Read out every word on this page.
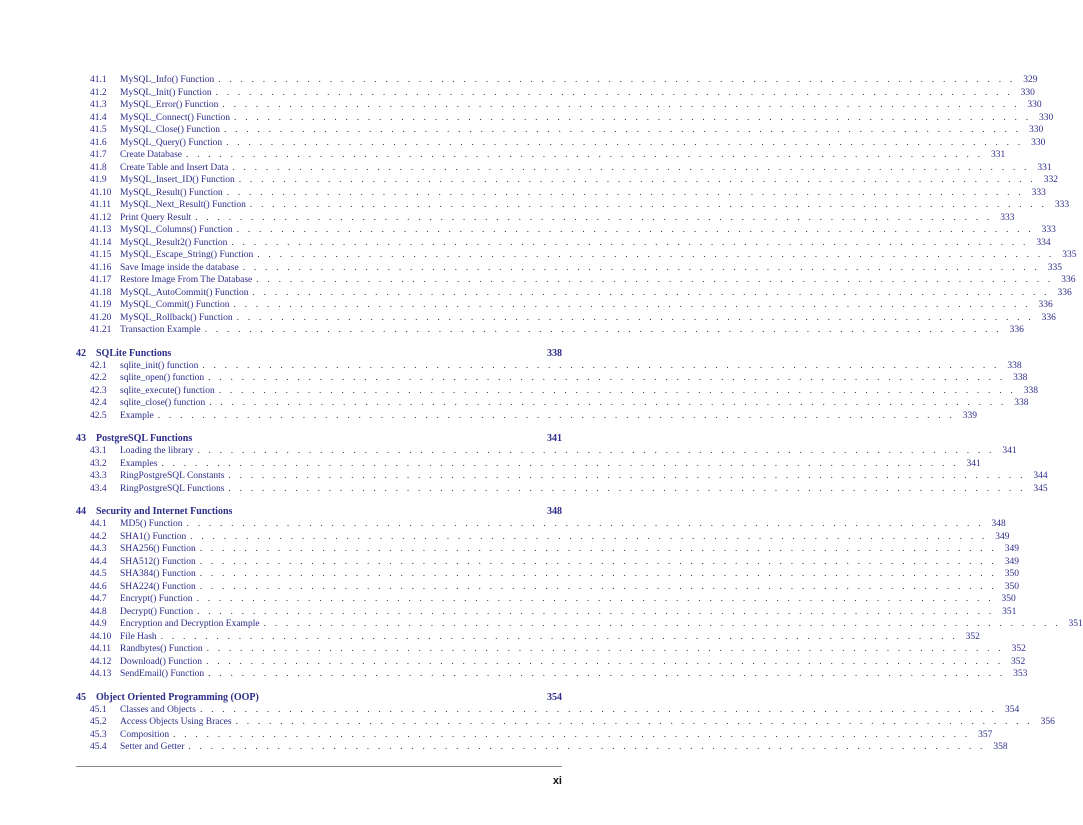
41.1	MySQL_Info() Function . . . . . . . . . . . . . . . . . . . . . . . . . . . . . . . . . . . . . . . . . . . . . . . . . . . . . . . . . . . . . . . . . . . . . . . . 329
41.2	MySQL_Init() Function . . . . . . . . . . . . . . . . . . . . . . . . . . . . . . . . . . . . . . . . . . . . . . . . . . . . . . . . . . . . . . . . . . . . . . . . 330
41.3	MySQL_Error() Function . . . . . . . . . . . . . . . . . . . . . . . . . . . . . . . . . . . . . . . . . . . . . . . . . . . . . . . . . . . . . . . . . . . . . . . . 330
41.4	MySQL_Connect() Function . . . . . . . . . . . . . . . . . . . . . . . . . . . . . . . . . . . . . . . . . . . . . . . . . . . . . . . . . . . . . . . . . . . . . . . . 330
41.5	MySQL_Close() Function . . . . . . . . . . . . . . . . . . . . . . . . . . . . . . . . . . . . . . . . . . . . . . . . . . . . . . . . . . . . . . . . . . . . . . . . 330
41.6	MySQL_Query() Function . . . . . . . . . . . . . . . . . . . . . . . . . . . . . . . . . . . . . . . . . . . . . . . . . . . . . . . . . . . . . . . . . . . . . . . . 330
41.7	Create Database . . . . . . . . . . . . . . . . . . . . . . . . . . . . . . . . . . . . . . . . . . . . . . . . . . . . . . . . . . . . . . . . . . . . . . . . 331
41.8	Create Table and Insert Data . . . . . . . . . . . . . . . . . . . . . . . . . . . . . . . . . . . . . . . . . . . . . . . . . . . . . . . . . . . . . . . . . . . . . . . . 331
41.9	MySQL_Insert_ID() Function . . . . . . . . . . . . . . . . . . . . . . . . . . . . . . . . . . . . . . . . . . . . . . . . . . . . . . . . . . . . . . . . . . . . . . . . 332
41.10 MySQL_Result() Function . . . . . . . . . . . . . . . . . . . . . . . . . . . . . . . . . . . . . . . . . . . . . . . . . . . . . . . . . . . . . . . . . . . . . . . . 333
41.11 MySQL_Next_Result() Function . . . . . . . . . . . . . . . . . . . . . . . . . . . . . . . . . . . . . . . . . . . . . . . . . . . . . . . . . . . . . . . . . . . . . . . . 333
41.12 Print Query Result . . . . . . . . . . . . . . . . . . . . . . . . . . . . . . . . . . . . . . . . . . . . . . . . . . . . . . . . . . . . . . . . . . . . . . . . 333
41.13 MySQL_Columns() Function . . . . . . . . . . . . . . . . . . . . . . . . . . . . . . . . . . . . . . . . . . . . . . . . . . . . . . . . . . . . . . . . . . . . . . . . 333
41.14 MySQL_Result2() Function . . . . . . . . . . . . . . . . . . . . . . . . . . . . . . . . . . . . . . . . . . . . . . . . . . . . . . . . . . . . . . . . . . . . . . . . 334
41.15 MySQL_Escape_String() Function . . . . . . . . . . . . . . . . . . . . . . . . . . . . . . . . . . . . . . . . . . . . . . . . . . . . . . . . . . . . . . . . . . . . . . . . 335
41.16 Save Image inside the database . . . . . . . . . . . . . . . . . . . . . . . . . . . . . . . . . . . . . . . . . . . . . . . . . . . . . . . . . . . . . . . . . . . . . . . . 335
41.17 Restore Image From The Database . . . . . . . . . . . . . . . . . . . . . . . . . . . . . . . . . . . . . . . . . . . . . . . . . . . . . . . . . . . . . . . . . . . . . . . . 336
41.18 MySQL_AutoCommit() Function . . . . . . . . . . . . . . . . . . . . . . . . . . . . . . . . . . . . . . . . . . . . . . . . . . . . . . . . . . . . . . . . . . . . . . . . 336
41.19 MySQL_Commit() Function . . . . . . . . . . . . . . . . . . . . . . . . . . . . . . . . . . . . . . . . . . . . . . . . . . . . . . . . . . . . . . . . . . . . . . . . 336
41.20 MySQL_Rollback() Function . . . . . . . . . . . . . . . . . . . . . . . . . . . . . . . . . . . . . . . . . . . . . . . . . . . . . . . . . . . . . . . . . . . . . . . . 336
41.21 Transaction Example . . . . . . . . . . . . . . . . . . . . . . . . . . . . . . . . . . . . . . . . . . . . . . . . . . . . . . . . . . . . . . . . . . . . . . . . 336
42	SQLite Functions	338
42.1	sqlite_init() function . . . . . . . . . . . . . . . . . . . . . . . . . . . . . . . . . . . . . . . . . . . . . . . . . . . . . . . . . . . . . . . . . . . . . . . . 338
42.2	sqlite_open() function . . . . . . . . . . . . . . . . . . . . . . . . . . . . . . . . . . . . . . . . . . . . . . . . . . . . . . . . . . . . . . . . . . . . . . . . 338
42.3	sqlite_execute() function . . . . . . . . . . . . . . . . . . . . . . . . . . . . . . . . . . . . . . . . . . . . . . . . . . . . . . . . . . . . . . . . . . . . . . . . 338
42.4	sqlite_close() function . . . . . . . . . . . . . . . . . . . . . . . . . . . . . . . . . . . . . . . . . . . . . . . . . . . . . . . . . . . . . . . . . . . . . . . . 338
42.5	Example . . . . . . . . . . . . . . . . . . . . . . . . . . . . . . . . . . . . . . . . . . . . . . . . . . . . . . . . . . . . . . . . . . . . . . . . 339
43	PostgreSQL Functions	341
43.1	Loading the library . . . . . . . . . . . . . . . . . . . . . . . . . . . . . . . . . . . . . . . . . . . . . . . . . . . . . . . . . . . . . . . . . . . . . . . . 341
43.2	Examples . . . . . . . . . . . . . . . . . . . . . . . . . . . . . . . . . . . . . . . . . . . . . . . . . . . . . . . . . . . . . . . . . . . . . . . . 341
43.3	RingPostgreSQL Constants . . . . . . . . . . . . . . . . . . . . . . . . . . . . . . . . . . . . . . . . . . . . . . . . . . . . . . . . . . . . . . . . . . . . . . . . 344
43.4	RingPostgreSQL Functions . . . . . . . . . . . . . . . . . . . . . . . . . . . . . . . . . . . . . . . . . . . . . . . . . . . . . . . . . . . . . . . . . . . . . . . . 345
44	Security and Internet Functions	348
44.1	MD5() Function . . . . . . . . . . . . . . . . . . . . . . . . . . . . . . . . . . . . . . . . . . . . . . . . . . . . . . . . . . . . . . . . . . . . . . . . 348
44.2	SHA1() Function . . . . . . . . . . . . . . . . . . . . . . . . . . . . . . . . . . . . . . . . . . . . . . . . . . . . . . . . . . . . . . . . . . . . . . . . 349
44.3	SHA256() Function . . . . . . . . . . . . . . . . . . . . . . . . . . . . . . . . . . . . . . . . . . . . . . . . . . . . . . . . . . . . . . . . . . . . . . . . 349
44.4	SHA512() Function . . . . . . . . . . . . . . . . . . . . . . . . . . . . . . . . . . . . . . . . . . . . . . . . . . . . . . . . . . . . . . . . . . . . . . . . 349
44.5	SHA384() Function . . . . . . . . . . . . . . . . . . . . . . . . . . . . . . . . . . . . . . . . . . . . . . . . . . . . . . . . . . . . . . . . . . . . . . . . 350
44.6	SHA224() Function . . . . . . . . . . . . . . . . . . . . . . . . . . . . . . . . . . . . . . . . . . . . . . . . . . . . . . . . . . . . . . . . . . . . . . . . 350
44.7	Encrypt() Function . . . . . . . . . . . . . . . . . . . . . . . . . . . . . . . . . . . . . . . . . . . . . . . . . . . . . . . . . . . . . . . . . . . . . . . . 350
44.8	Decrypt() Function . . . . . . . . . . . . . . . . . . . . . . . . . . . . . . . . . . . . . . . . . . . . . . . . . . . . . . . . . . . . . . . . . . . . . . . . 351
44.9	Encryption and Decryption Example . . . . . . . . . . . . . . . . . . . . . . . . . . . . . . . . . . . . . . . . . . . . . . . . . . . . . . . . . . . . . . . . . . . . . . . . 351
44.10 File Hash . . . . . . . . . . . . . . . . . . . . . . . . . . . . . . . . . . . . . . . . . . . . . . . . . . . . . . . . . . . . . . . . . . . . . . . . 352
44.11 Randbytes() Function . . . . . . . . . . . . . . . . . . . . . . . . . . . . . . . . . . . . . . . . . . . . . . . . . . . . . . . . . . . . . . . . . . . . . . . . 352
44.12 Download() Function . . . . . . . . . . . . . . . . . . . . . . . . . . . . . . . . . . . . . . . . . . . . . . . . . . . . . . . . . . . . . . . . . . . . . . . . 352
44.13 SendEmail() Function . . . . . . . . . . . . . . . . . . . . . . . . . . . . . . . . . . . . . . . . . . . . . . . . . . . . . . . . . . . . . . . . . . . . . . . . 353
45	Object Oriented Programming (OOP)	354
45.1	Classes and Objects . . . . . . . . . . . . . . . . . . . . . . . . . . . . . . . . . . . . . . . . . . . . . . . . . . . . . . . . . . . . . . . . . . . . . . . . 354
45.2	Access Objects Using Braces . . . . . . . . . . . . . . . . . . . . . . . . . . . . . . . . . . . . . . . . . . . . . . . . . . . . . . . . . . . . . . . . . . . . . . . . 356
45.3	Composition . . . . . . . . . . . . . . . . . . . . . . . . . . . . . . . . . . . . . . . . . . . . . . . . . . . . . . . . . . . . . . . . . . . . . . . . 357
45.4	Setter and Getter . . . . . . . . . . . . . . . . . . . . . . . . . . . . . . . . . . . . . . . . . . . . . . . . . . . . . . . . . . . . . . . . . . . . . . . . 358
xi
